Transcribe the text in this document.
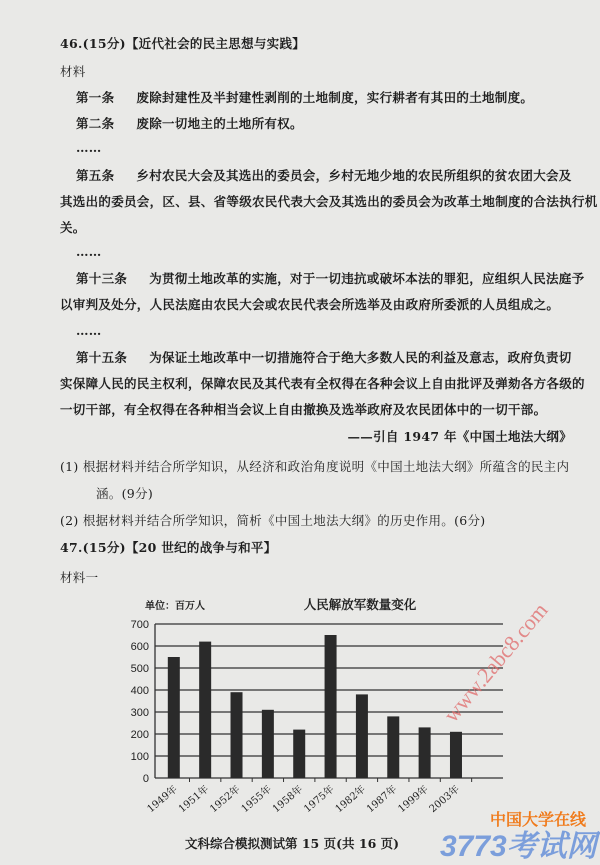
46.(15分)【近代社会的民主思想与实践】
材料
第一条 废除封建性及半封建性剥削的土地制度，实行耕者有其田的土地制度。
第二条 废除一切地主的土地所有权。
……
第五条 乡村农民大会及其选出的委员会，乡村无地少地的农民所组织的贫农团大会及
其选出的委员会，区、县、省等级农民代表大会及其选出的委员会为改革土地制度的合法执行机
关。
……
第十三条 为贯彻土地改革的实施，对于一切违抗或破坏本法的罪犯，应组织人民法庭予
以审判及处分，人民法庭由农民大会或农民代表会所选举及由政府所委派的人员组成之。
……
第十五条 为保证土地改革中一切措施符合于绝大多数人民的利益及意志，政府负责切
实保障人民的民主权利，保障农民及其代表有全权得在各种会议上自由批评及弹劾各方各级的
一切干部，有全权得在各种相当会议上自由撤换及选举政府及农民团体中的一切干部。
——引自 1947 年《中国土地法大纲》
(1) 根据材料并结合所学知识，从经济和政治角度说明《中国土地法大纲》所蕴含的民主内
涵。(9分)
(2) 根据材料并结合所学知识，简析《中国土地法大纲》的历史作用。(6分)
47.(15分)【20 世纪的战争与和平】
材料一
单位：百万人	人民解放军数量变化
0
100
200
300
400
500
600
700
1949年
1951年
1952年
1955年
1958年
1975年
1982年
1987年
1999年
2003年
www.2abc8.com
中国大学在线
3773考试网
文科综合模拟测试第 15 页(共 16 页)
